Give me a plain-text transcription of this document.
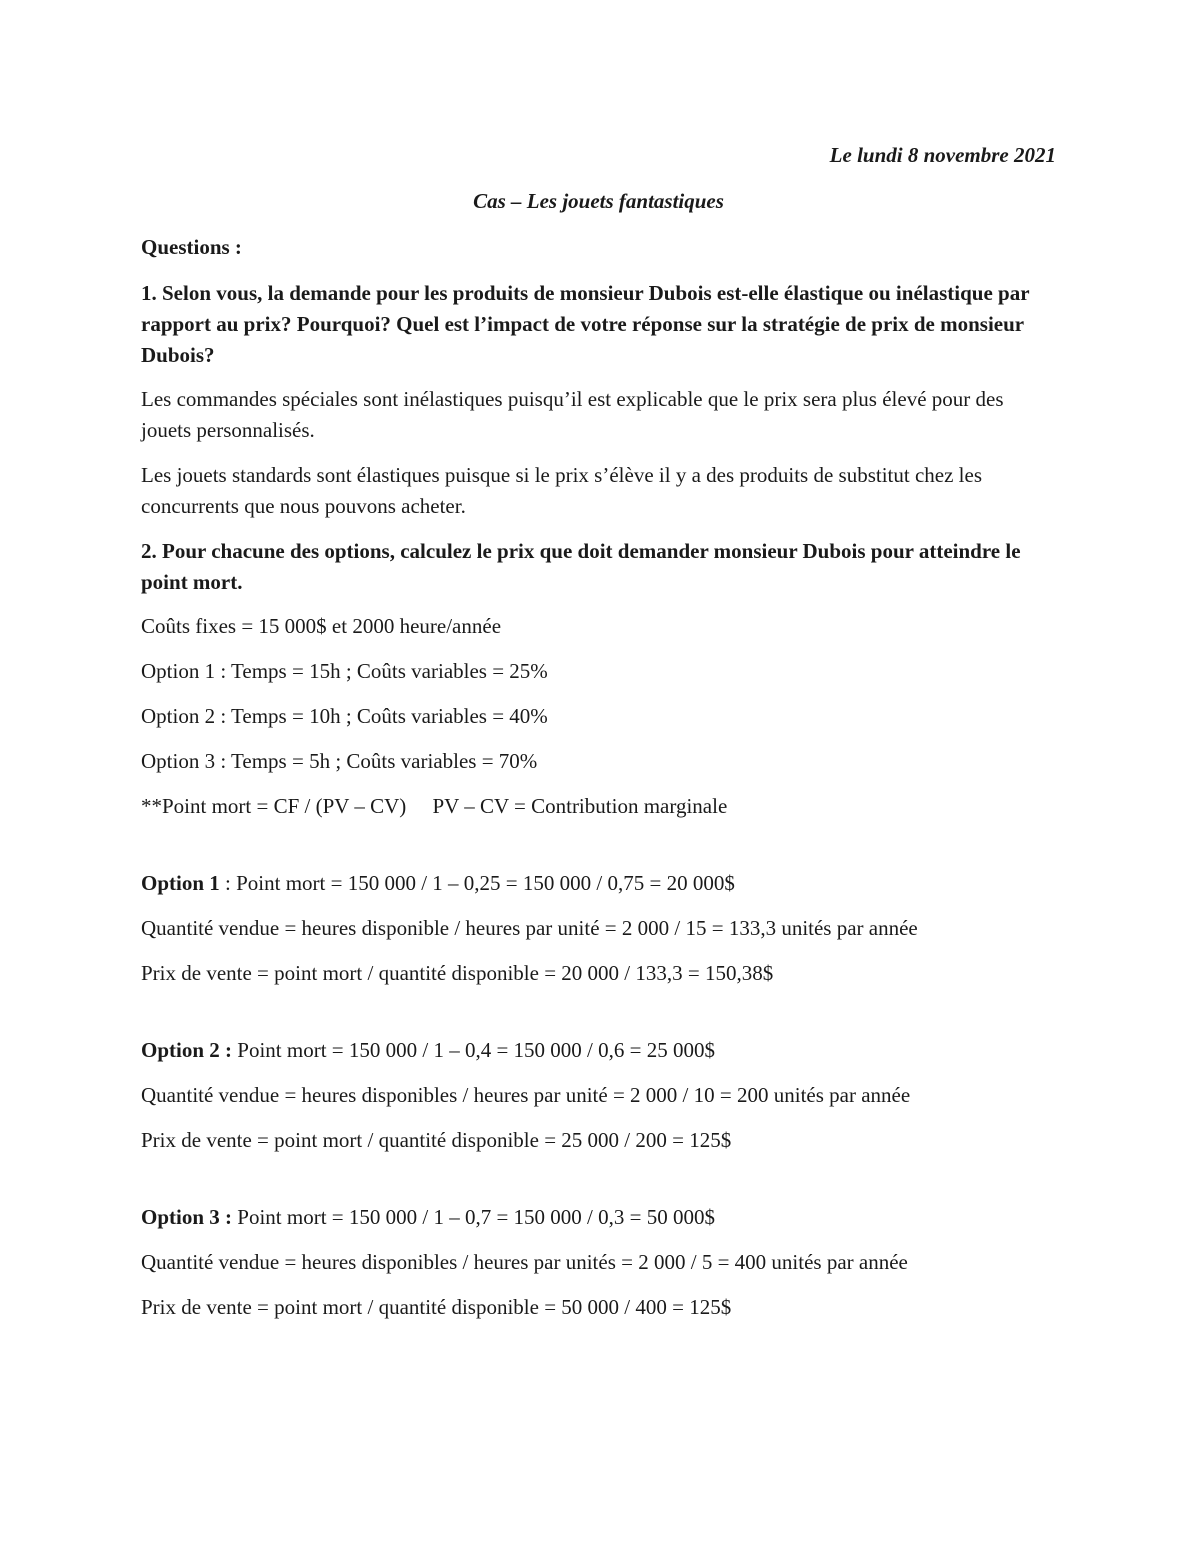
Le lundi 8 novembre 2021
Cas – Les jouets fantastiques
Questions :
1. Selon vous, la demande pour les produits de monsieur Dubois est-elle élastique ou inélastique par rapport au prix? Pourquoi? Quel est l’impact de votre réponse sur la stratégie de prix de monsieur Dubois?

Les commandes spéciales sont inélastiques puisqu’il est explicable que le prix sera plus élevé pour des jouets personnalisés.

Les jouets standards sont élastiques puisque si le prix s’élève il y a des produits de substitut chez les concurrents que nous pouvons acheter.

2. Pour chacune des options, calculez le prix que doit demander monsieur Dubois pour atteindre le point mort.
Coûts fixes = 15 000$ et 2000 heure/année
Option 1 : Temps = 15h ; Coûts variables = 25%
Option 2 : Temps = 10h ; Coûts variables = 40%
Option 3 : Temps = 5h ; Coûts variables = 70%
**Point mort = CF / (PV – CV)     PV – CV = Contribution marginale
Option 1 : Point mort = 150 000 / 1 – 0,25 = 150 000 / 0,75 = 20 000$
Quantité vendue = heures disponible / heures par unité = 2 000 / 15 = 133,3 unités par année
Prix de vente = point mort / quantité disponible = 20 000 / 133,3 = 150,38$
Option 2 : Point mort = 150 000 / 1 – 0,4 = 150 000 / 0,6 = 25 000$
Quantité vendue = heures disponibles / heures par unité = 2 000 / 10 = 200 unités par année
Prix de vente = point mort / quantité disponible = 25 000 / 200 = 125$
Option 3 : Point mort = 150 000 / 1 – 0,7 = 150 000 / 0,3 = 50 000$
Quantité vendue = heures disponibles / heures par unités = 2 000 / 5 = 400 unités par année
Prix de vente = point mort / quantité disponible = 50 000 / 400 = 125$
